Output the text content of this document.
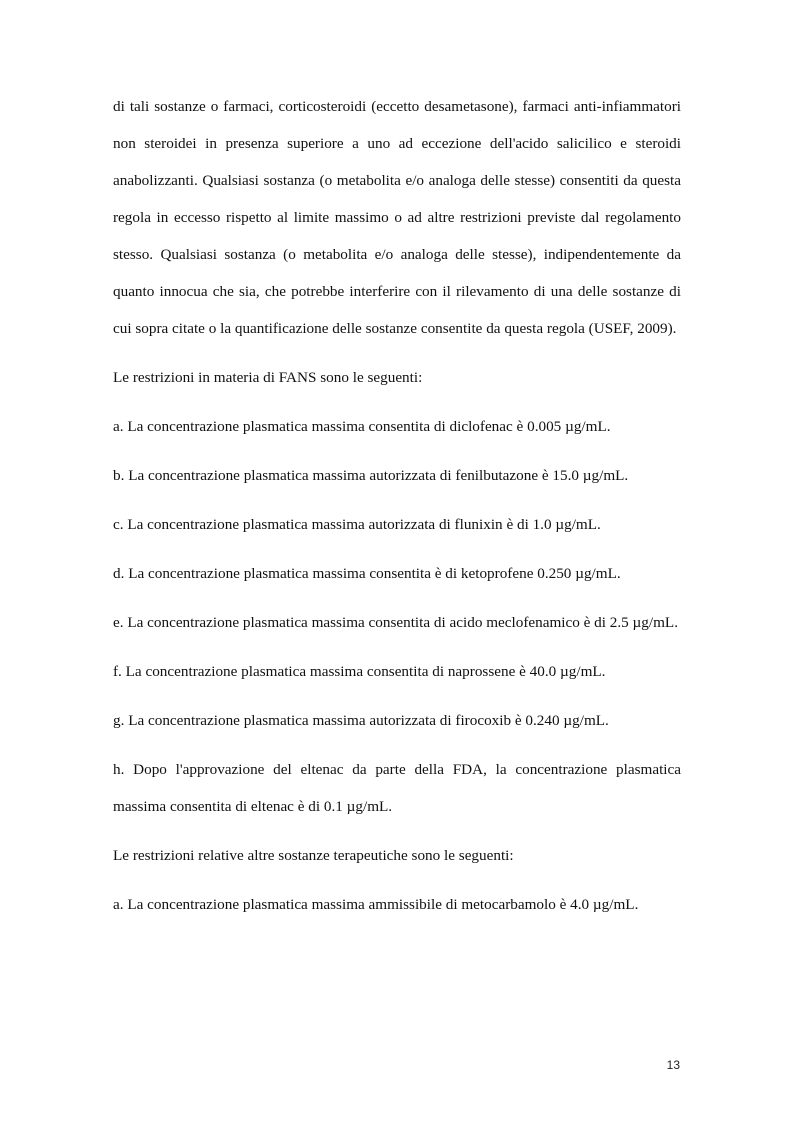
di tali sostanze o farmaci, corticosteroidi (eccetto desametasone), farmaci anti-infiammatori non steroidei in presenza superiore a uno ad eccezione dell'acido salicilico e steroidi anabolizzanti. Qualsiasi sostanza (o metabolita e/o analoga delle stesse) consentiti da questa regola in eccesso rispetto al limite massimo o ad altre restrizioni previste dal regolamento stesso. Qualsiasi sostanza (o metabolita e/o analoga delle stesse), indipendentemente da quanto innocua che sia, che potrebbe interferire con il rilevamento di una delle sostanze di cui sopra citate o la quantificazione delle sostanze consentite da questa regola (USEF, 2009).

Le restrizioni in materia di FANS sono le seguenti:

a. La concentrazione plasmatica massima consentita di diclofenac è 0.005 µg/mL.

b. La concentrazione plasmatica massima autorizzata di fenilbutazone è 15.0 µg/mL.

c. La concentrazione plasmatica massima autorizzata di flunixin è di 1.0 µg/mL.

d. La concentrazione plasmatica massima consentita è di ketoprofene 0.250 µg/mL.

e. La concentrazione plasmatica massima consentita di acido meclofenamico è di 2.5 µg/mL.

f. La concentrazione plasmatica massima consentita di naprossene è 40.0 µg/mL.

g. La concentrazione plasmatica massima autorizzata di firocoxib è 0.240 µg/mL.

h. Dopo l'approvazione del eltenac da parte della FDA, la concentrazione plasmatica massima consentita di eltenac è di 0.1 µg/mL.

Le restrizioni relative altre sostanze terapeutiche sono le seguenti:

a. La concentrazione plasmatica massima ammissibile di metocarbamolo è 4.0 µg/mL.

13
